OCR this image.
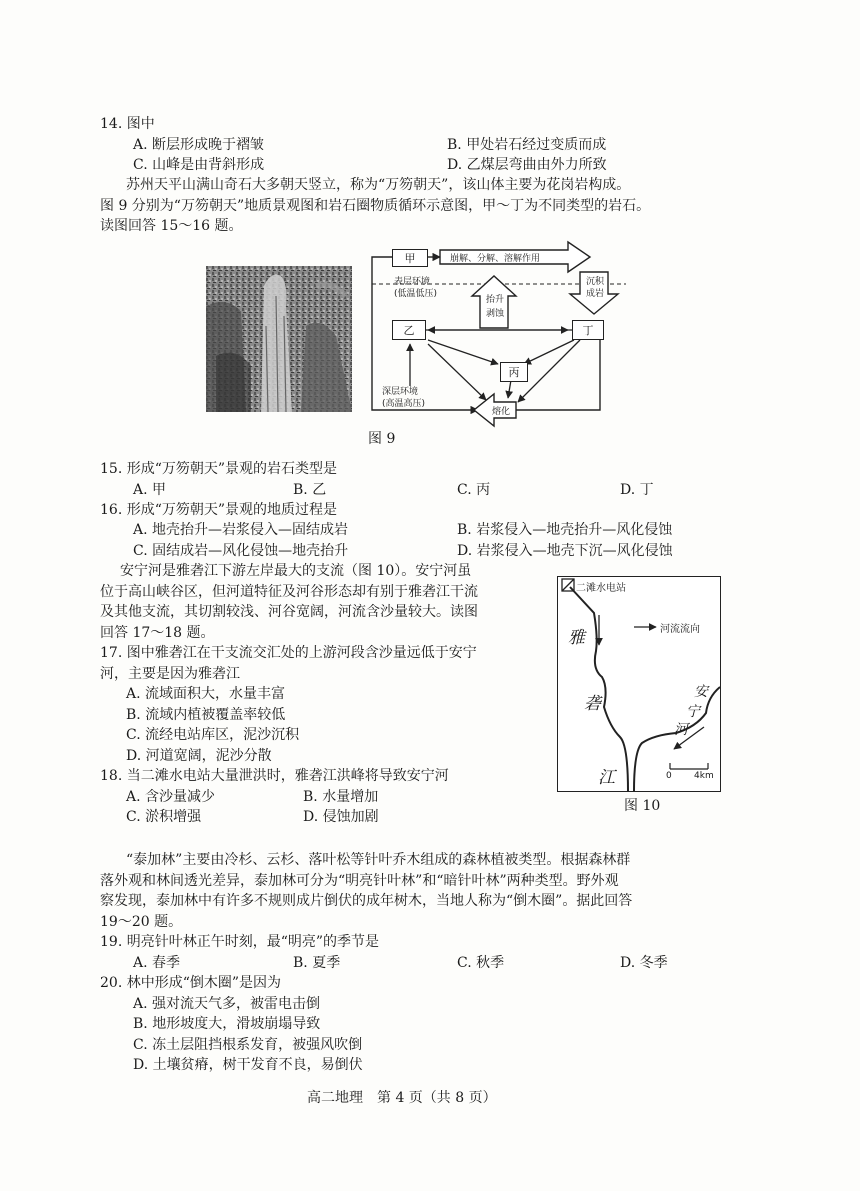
14. 图中
A. 断层形成晚于褶皱	B. 甲处岩石经过变质而成
C. 山峰是由背斜形成	D. 乙煤层弯曲由外力所致
苏州天平山满山奇石大多朝天竖立，称为“万笏朝天”，该山体主要为花岗岩构成。
图 9 分别为“万笏朝天”地质景观图和岩石圈物质循环示意图，甲～丁为不同类型的岩石。
读图回答 15～16 题。
甲
乙	丁
丙
崩解、分解、溶解作用
沉积
成岩
抬升
剥蚀
熔化
表层环境
(低温低压)
深层环境
(高温高压)
图 9
15. 形成“万笏朝天”景观的岩石类型是
A. 甲	B. 乙	C. 丙	D. 丁
16. 形成“万笏朝天”景观的地质过程是
A. 地壳抬升—岩浆侵入—固结成岩	B. 岩浆侵入—地壳抬升—风化侵蚀
C. 固结成岩—风化侵蚀—地壳抬升	D. 岩浆侵入—地壳下沉—风化侵蚀
安宁河是雅砻江下游左岸最大的支流（图 10）。安宁河虽
位于高山峡谷区，但河道特征及河谷形态却有别于雅砻江干流
及其他支流，其切割较浅、河谷宽阔，河流含沙量较大。读图
回答 17～18 题。
17. 图中雅砻江在干支流交汇处的上游河段含沙量远低于安宁
河，主要是因为雅砻江
A. 流域面积大，水量丰富
B. 流域内植被覆盖率较低
C. 流经电站库区，泥沙沉积
D. 河道宽阔，泥沙分散
18. 当二滩水电站大量泄洪时，雅砻江洪峰将导致安宁河
A. 含沙量减少	B. 水量增加
C. 淤积增强	D. 侵蚀加剧
二滩水电站
河流流向
雅
砻
江
安
宁
河
0 4km
图 10
“泰加林”主要由冷杉、云杉、落叶松等针叶乔木组成的森林植被类型。根据森林群
落外观和林间透光差异，泰加林可分为“明亮针叶林”和“暗针叶林”两种类型。野外观
察发现，泰加林中有许多不规则成片倒伏的成年树木，当地人称为“倒木圈”。据此回答
19～20 题。
19. 明亮针叶林正午时刻，最“明亮”的季节是
A. 春季	B. 夏季	C. 秋季	D. 冬季
20. 林中形成“倒木圈”是因为
A. 强对流天气多，被雷电击倒
B. 地形坡度大，滑坡崩塌导致
C. 冻土层阻挡根系发育，被强风吹倒
D. 土壤贫瘠，树干发育不良，易倒伏
高二地理　第 4 页（共 8 页）
